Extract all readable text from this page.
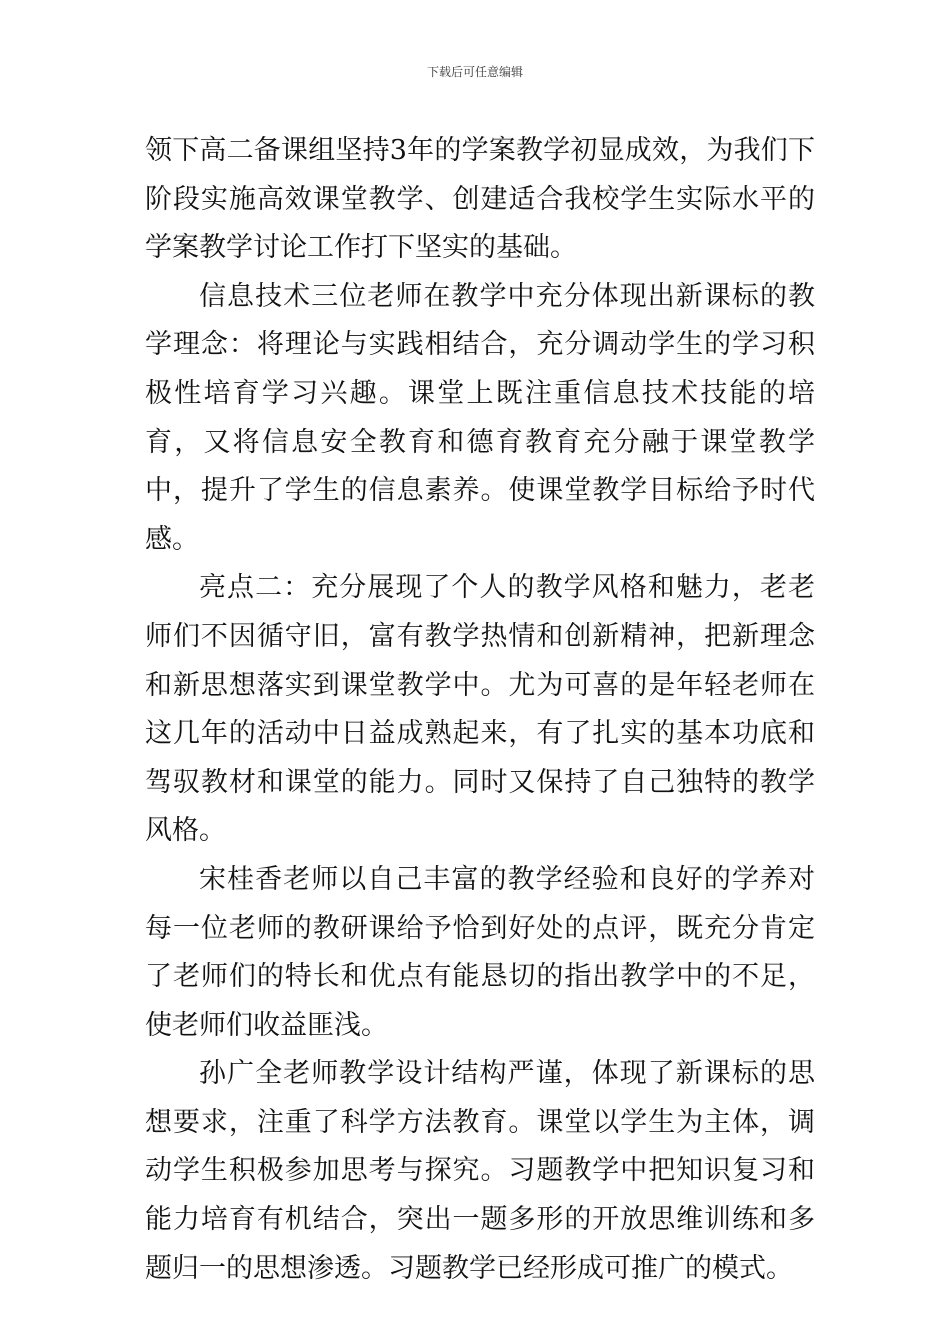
下载后可任意编辑

领下高二备课组坚持3年的学案教学初显成效，为我们下阶段实施高效课堂教学、创建适合我校学生实际水平的学案教学讨论工作打下坚实的基础。

信息技术三位老师在教学中充分体现出新课标的教学理念：将理论与实践相结合，充分调动学生的学习积极性培育学习兴趣。课堂上既注重信息技术技能的培育，又将信息安全教育和德育教育充分融于课堂教学中，提升了学生的信息素养。使课堂教学目标给予时代感。

亮点二：充分展现了个人的教学风格和魅力，老老师们不因循守旧，富有教学热情和创新精神，把新理念和新思想落实到课堂教学中。尤为可喜的是年轻老师在这几年的活动中日益成熟起来，有了扎实的基本功底和驾驭教材和课堂的能力。同时又保持了自己独特的教学风格。

宋桂香老师以自己丰富的教学经验和良好的学养对每一位老师的教研课给予恰到好处的点评，既充分肯定了老师们的特长和优点有能恳切的指出教学中的不足，使老师们收益匪浅。

孙广全老师教学设计结构严谨，体现了新课标的思想要求，注重了科学方法教育。课堂以学生为主体，调动学生积极参加思考与探究。习题教学中把知识复习和能力培育有机结合，突出一题多形的开放思维训练和多题归一的思想渗透。习题教学已经形成可推广的模式。
